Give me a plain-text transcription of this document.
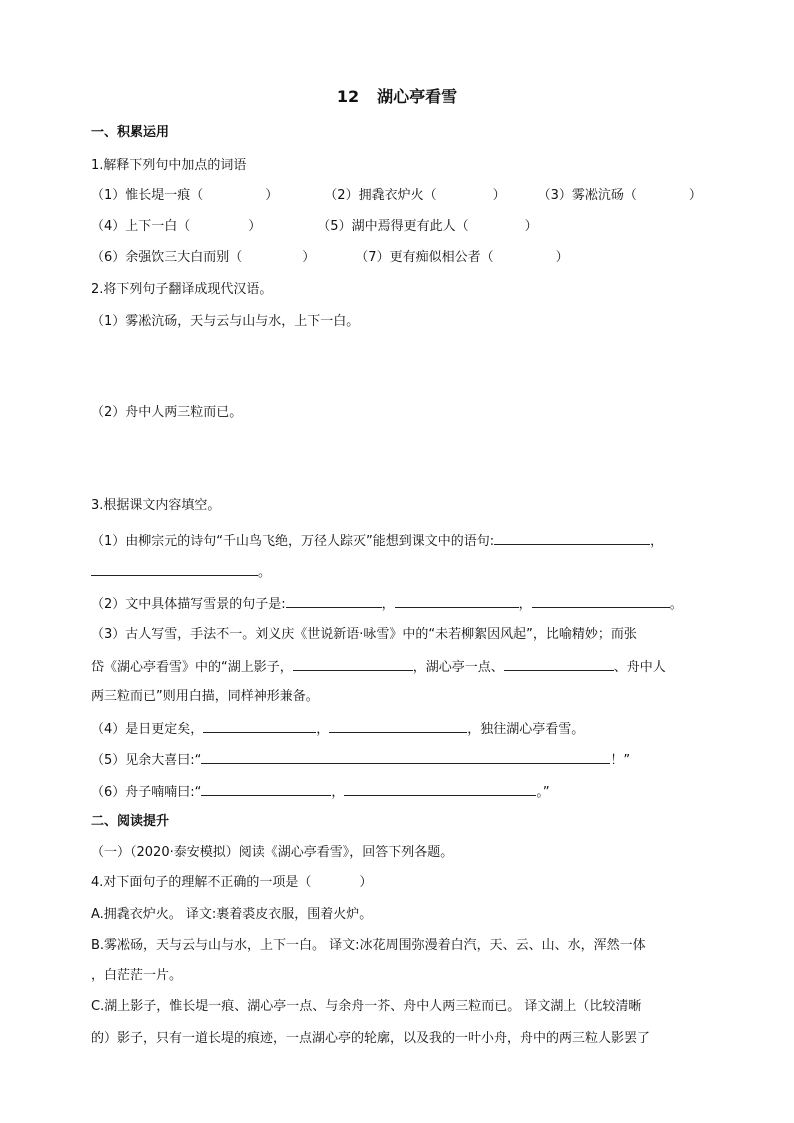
12 湖心亭看雪
一、积累运用
1.解释下列句中加点的词语
（1）惟长堤一痕（	）	（2）拥毳衣炉火（	） （3）雾凇沆砀（	）
（4）上下一白（	）	（5）湖中焉得更有此人（	）
（6）余强饮三大白而别（	）	（7）更有痴似相公者（	）
2.将下列句子翻译成现代汉语。
（1）雾凇沆砀，天与云与山与水，上下一白。
（2）舟中人两三粒而已。
3.根据课文内容填空。
（1）由柳宗元的诗句“千山鸟飞绝，万径人踪灭”能想到课文中的语句:	，
。
（2）文中具体描写雪景的句子是:	，	，	。
（3）古人写雪，手法不一。刘义庆《世说新语·咏雪》中的“未若柳絮因风起”，比喻精妙；而张
岱《湖心亭看雪》中的“湖上影子，	，湖心亭一点、	、舟中人
两三粒而已”则用白描，同样神形兼备。
（4）是日更定矣，	，	，独往湖心亭看雪。
（5）见余大喜曰:“	！”
（6）舟子喃喃曰:“	，	。”
二、阅读提升
（一）（2020·泰安模拟）阅读《湖心亭看雪》，回答下列各题。
4.对下面句子的理解不正确的一项是（	）
A.拥毳衣炉火。 译文:裹着裘皮衣服，围着火炉。
B.雾凇砀，天与云与山与水，上下一白。 译文:冰花周围弥漫着白汽，天、云、山、水，浑然一体
，白茫茫一片。
C.湖上影子，惟长堤一痕、湖心亭一点、与余舟一芥、舟中人两三粒而已。 译文湖上（比较清晰
的）影子，只有一道长堤的痕迹，一点湖心亭的轮廓，以及我的一叶小舟，舟中的两三粒人影罢了
